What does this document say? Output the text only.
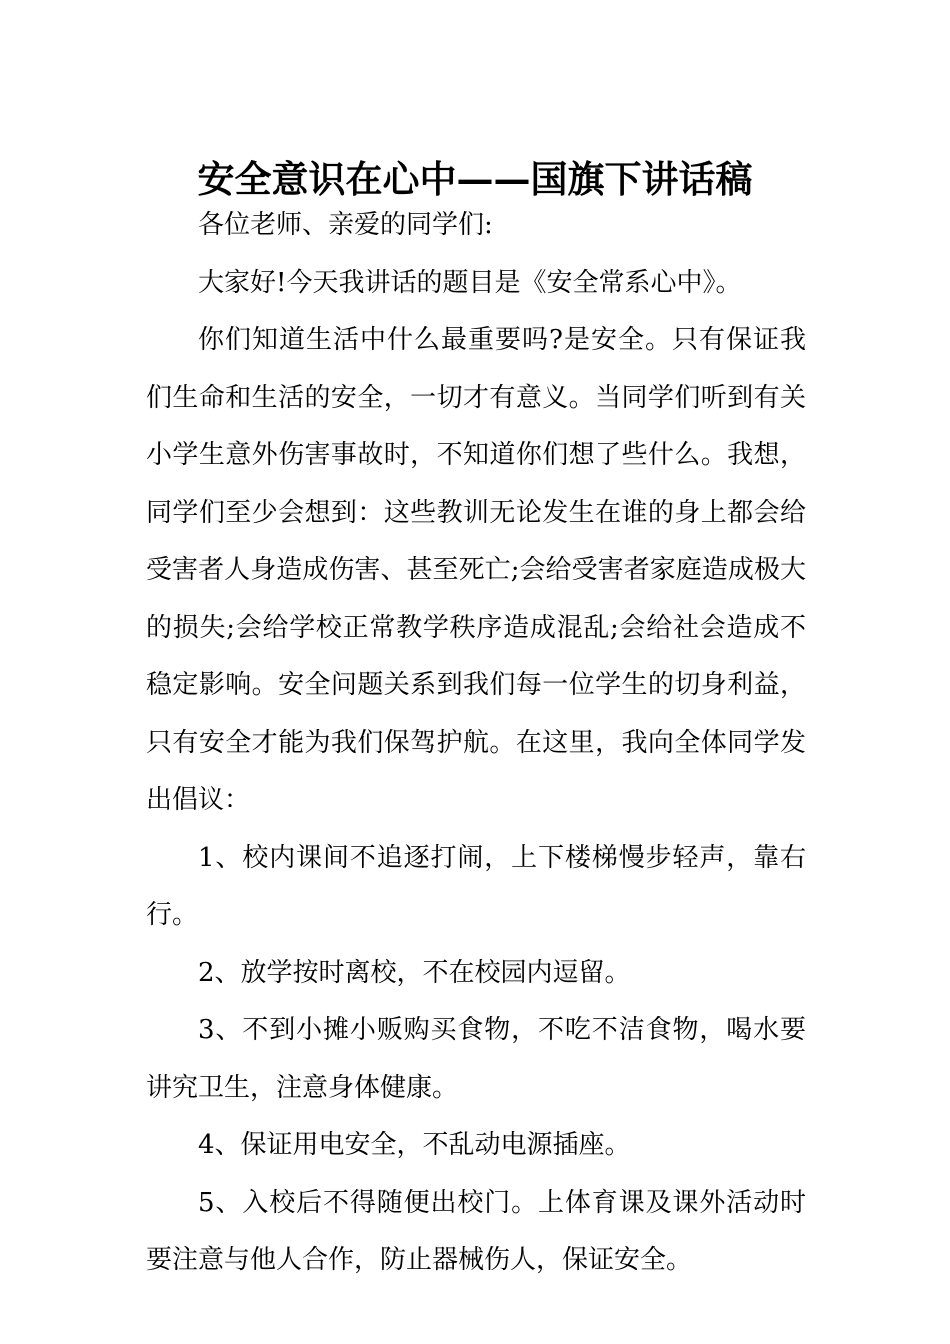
安全意识在心中——国旗下讲话稿

各位老师、亲爱的同学们:

大家好!今天我讲话的题目是《安全常系心中》。

你们知道生活中什么最重要吗?是安全。只有保证我们生命和生活的安全，一切才有意义。当同学们听到有关小学生意外伤害事故时，不知道你们想了些什么。我想，同学们至少会想到：这些教训无论发生在谁的身上都会给受害者人身造成伤害、甚至死亡;会给受害者家庭造成极大的损失;会给学校正常教学秩序造成混乱;会给社会造成不稳定影响。安全问题关系到我们每一位学生的切身利益，只有安全才能为我们保驾护航。在这里，我向全体同学发出倡议：

1、校内课间不追逐打闹，上下楼梯慢步轻声，靠右行。

2、放学按时离校，不在校园内逗留。

3、不到小摊小贩购买食物，不吃不洁食物，喝水要讲究卫生，注意身体健康。

4、保证用电安全，不乱动电源插座。

5、入校后不得随便出校门。上体育课及课外活动时要注意与他人合作，防止器械伤人，保证安全。
